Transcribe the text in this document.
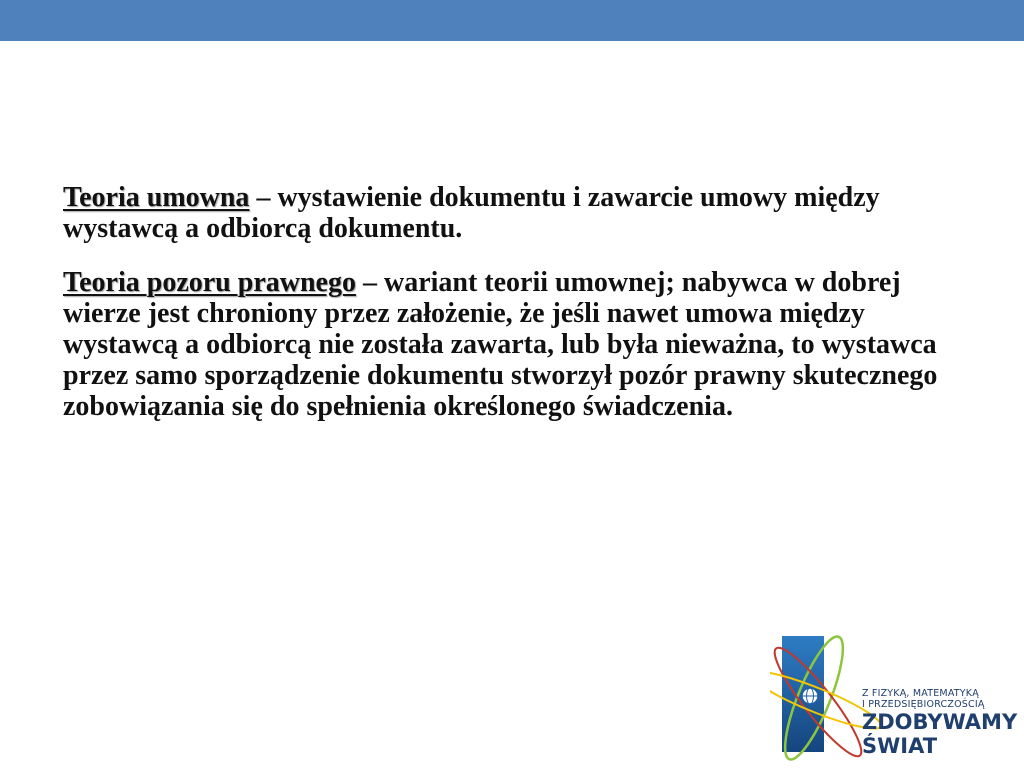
Teoria umowna – wystawienie dokumentu i zawarcie umowy między wystawcą a odbiorcą dokumentu.

Teoria pozoru prawnego – wariant teorii umownej; nabywca w dobrej wierze jest chroniony przez założenie, że jeśli nawet umowa między wystawcą a odbiorcą nie została zawarta, lub była nieważna, to wystawca przez samo sporządzenie dokumentu stworzył pozór prawny skutecznego zobowiązania się do spełnienia określonego świadczenia.

Z FIZYKĄ, MATEMATYKĄ
I PRZEDSIĘBIORCZOŚCIĄ
ZDOBYWAMY
ŚWIAT
